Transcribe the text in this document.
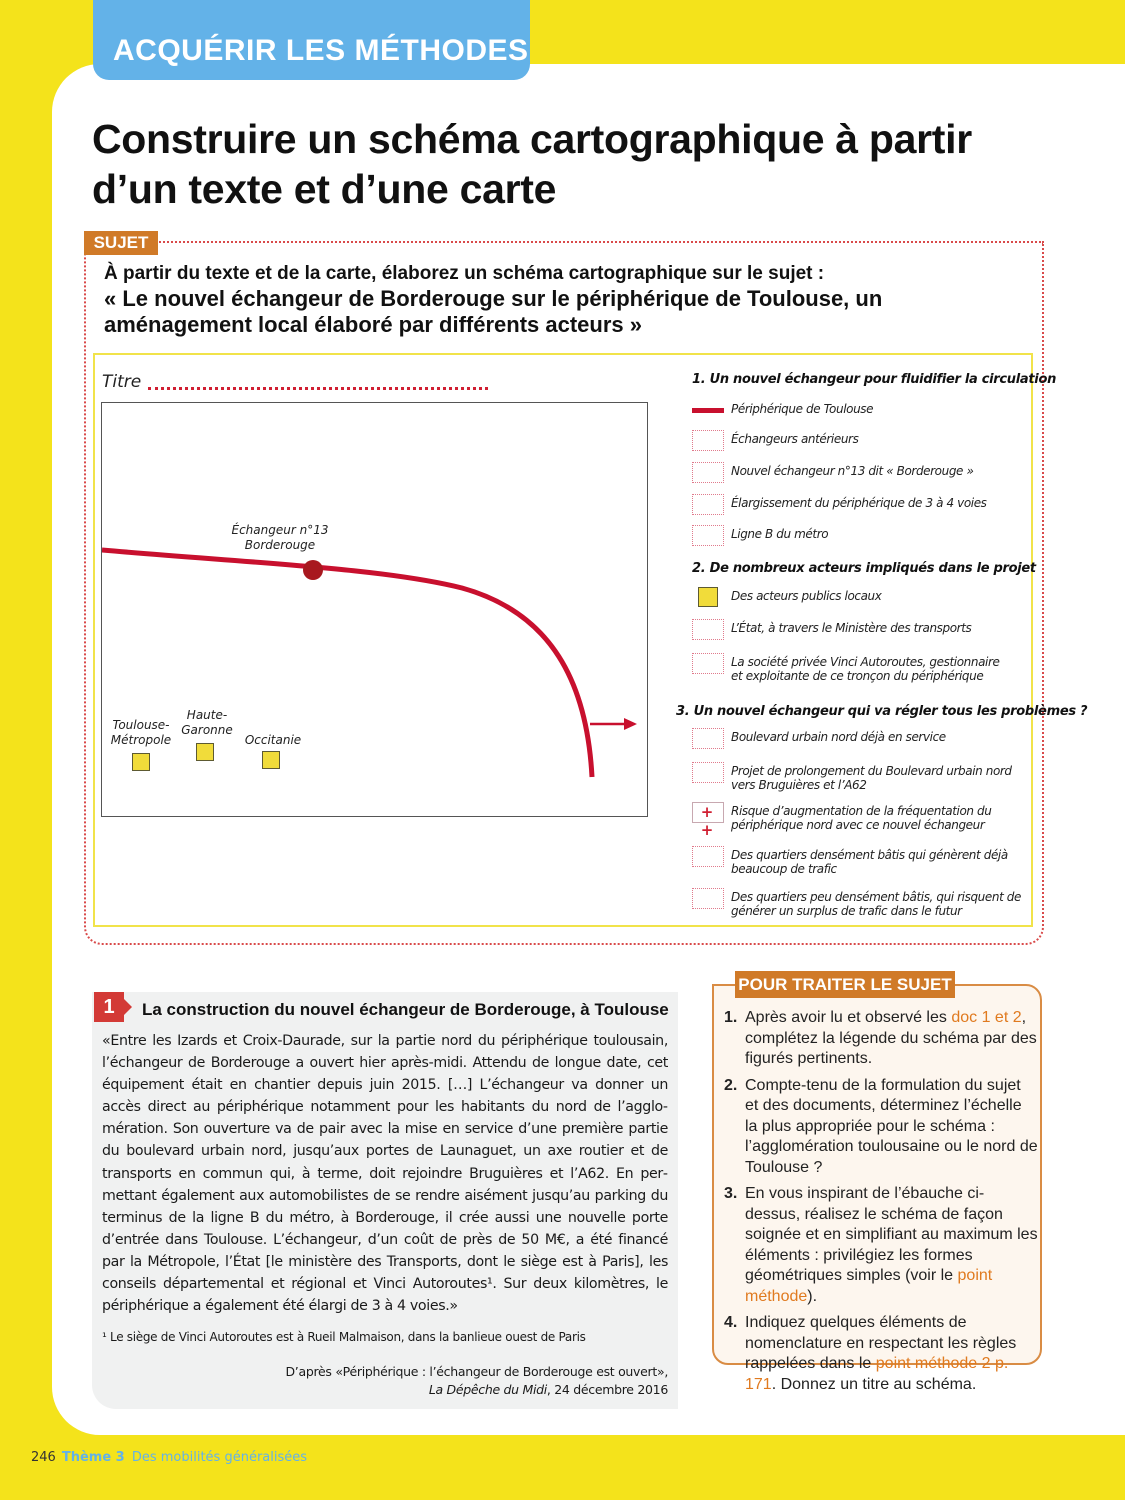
ACQUÉRIR LES MÉTHODES
Construire un schéma cartographique à partir d’un texte et d’une carte
SUJET
À partir du texte et de la carte, élaborez un schéma cartographique sur le sujet :
« Le nouvel échangeur de Borderouge sur le périphérique de Toulouse, un aménagement local élaboré par différents acteurs »
Titre
Échangeur n°13
Borderouge
Toulouse-
Métropole
Haute-
Garonne
Occitanie
1. Un nouvel échangeur pour fluidifier la circulation
Périphérique de Toulouse
Échangeurs antérieurs
Nouvel échangeur n°13 dit « Borderouge »
Élargissement du périphérique de 3 à 4 voies
Ligne B du métro
2. De nombreux acteurs impliqués dans le projet
Des acteurs publics locaux
L’État, à travers le Ministère des transports
La société privée Vinci Autoroutes, gestionnaire
et exploitante de ce tronçon du périphérique
3. Un nouvel échangeur qui va régler tous les problèmes ?
Boulevard urbain nord déjà en service
Projet de prolongement du Boulevard urbain nord
vers Bruguières et l’A62
+ +
Risque d’augmentation de la fréquentation du
périphérique nord avec ce nouvel échangeur
Des quartiers densément bâtis qui génèrent déjà
beaucoup de trafic
Des quartiers peu densément bâtis, qui risquent de
générer un surplus de trafic dans le futur
1	La construction du nouvel échangeur de Borderouge, à Toulouse
«Entre les Izards et Croix-Daurade, sur la partie nord du périphérique toulousain, l’échangeur de Borderouge a ouvert hier après-midi. Attendu de longue date, cet équipement était en chantier depuis juin 2015. […] L’échangeur va donner un accès direct au périphérique notamment pour les habitants du nord de l’agglomération. Son ouverture va de pair avec la mise en service d’une première partie du boulevard urbain nord, jusqu’aux portes de Launaguet, un axe routier et de transports en commun qui, à terme, doit rejoindre Bruguières et l’A62. En permettant également aux automobilistes de se rendre aisément jusqu’au parking du terminus de la ligne B du métro, à Borderouge, il crée aussi une nouvelle porte d’entrée dans Toulouse. L’échangeur, d’un coût de près de 50 M€, a été financé par la Métropole, l’État [le ministère des Transports, dont le siège est à Paris], les conseils départemental et régional et Vinci Autoroutes¹. Sur deux kilomètres, le périphérique a également été élargi de 3 à 4 voies.»
¹ Le siège de Vinci Autoroutes est à Rueil Malmaison, dans la banlieue ouest de Paris
D’après «Périphérique : l’échangeur de Borderouge est ouvert»,
La Dépêche du Midi, 24 décembre 2016
POUR TRAITER LE SUJET
1. Après avoir lu et observé les doc 1 et 2, complétez la légende du schéma par des figurés pertinents.
2. Compte-tenu de la formulation du sujet et des documents, déterminez l’échelle la plus appropriée pour le schéma : l’agglomération toulousaine ou le nord de Toulouse ?
3. En vous inspirant de l’ébauche ci-dessus, réalisez le schéma de façon soignée et en simplifiant au maximum les éléments : privilégiez les formes géométriques simples (voir le point méthode).
4. Indiquez quelques éléments de nomenclature en respectant les règles rappelées dans le point méthode 2 p. 171. Donnez un titre au schéma.
246 Thème 3 Des mobilités généralisées
